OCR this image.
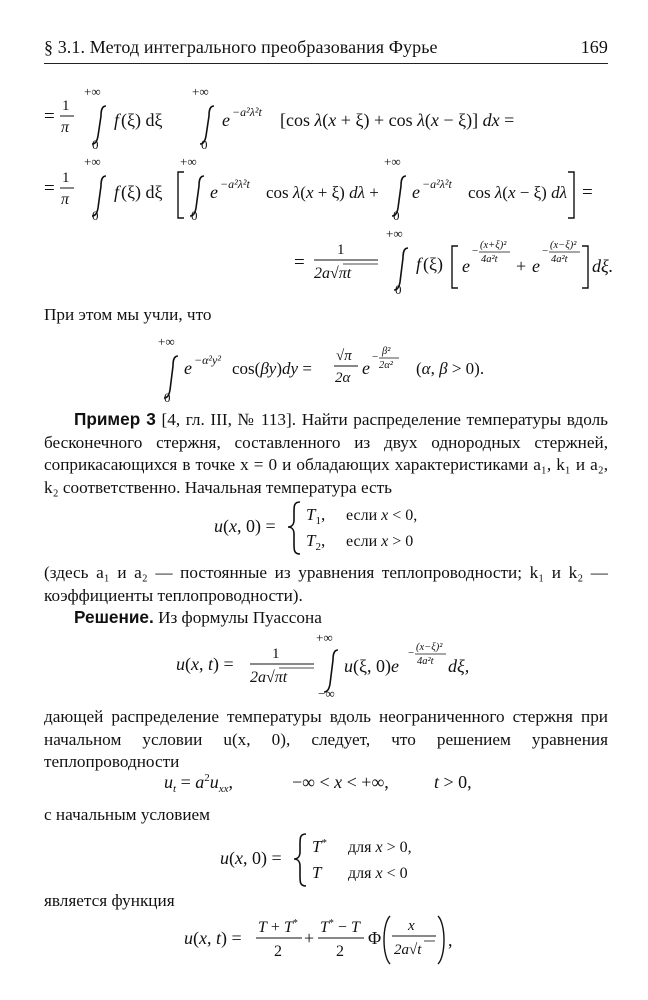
§ 3.1. Метод интегрального преобразования Фурье	169
= 1
π
+∞
0
f (ξ) dξ
+∞
0
e −a²λ²t [cos λ(x + ξ) + cos λ(x − ξ)] dx =
= 1
π
+∞
0
f (ξ) dξ
+∞
0
e −a²λ²t cos λ(x + ξ) dλ +
+∞
0
e −a²λ²t cos λ(x − ξ) dλ =
=
1
2a√πt
+∞
0
f (ξ) e
− (x+ξ)²
4a²t + e
− (x−ξ)²
4a²t dξ.
При этом мы учли, что
+∞
0
e −α²y² cos(βy)dy =
√π
2α e
− β²
2α² (α, β > 0).
Пример 3 [4, гл. III, № 113]. Найти распределение температуры вдоль бесконечного стержня, составленного из двух однородных стержней, соприкасающихся в точке x = 0 и обладающих характеристиками a₁, k₁ и a₂, k₂ соответственно. Начальная температура есть
u(x, 0) =
$T_1$, если x < 0,
$T_2$, если x > 0
(здесь a₁ и a₂ — постоянные из уравнения теплопроводности; k₁ и k₂ — коэффициенты теплопроводности).
Решение. Из формулы Пуассона
u(x, t) =	1
2a√πt
+∞
−∞
u(ξ, 0)e
− (x−ξ)²
4a²t dξ,
дающей распределение температуры вдоль неограниченного стержня при начальном условии u(x, 0), следует, что решением уравнения теплопроводности
$u_t = a^2u_{xx}$,	−∞ < x < +∞,	t > 0,
с начальным условием
u(x, 0) =
T* для x > 0,
T для x < 0
является функция
u(x, t) =
T + T*
2
+
T* − T
2
Φ
x
2a√t ,
